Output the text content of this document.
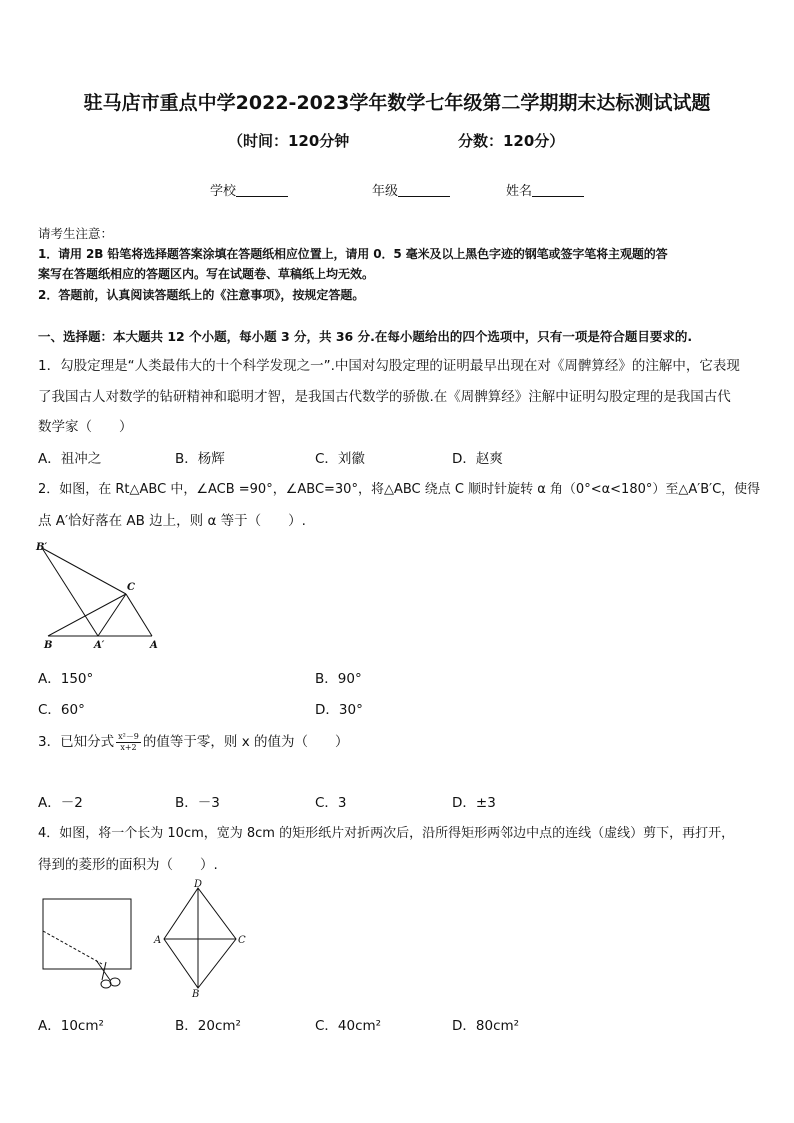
驻马店市重点中学2022-2023学年数学七年级第二学期期末达标测试试题
（时间：120分钟	分数：120分）
学校	年级	姓名
请考生注意：
1．请用 2B 铅笔将选择题答案涂填在答题纸相应位置上，请用 0．5 毫米及以上黑色字迹的钢笔或签字笔将主观题的答
案写在答题纸相应的答题区内。写在试题卷、草稿纸上均无效。
2．答题前，认真阅读答题纸上的《注意事项》，按规定答题。
一、选择题：本大题共 12 个小题，每小题 3 分，共 36 分.在每小题给出的四个选项中，只有一项是符合题目要求的.
1．勾股定理是“人类最伟大的十个科学发现之一”.中国对勾股定理的证明最早出现在对《周髀算经》的注解中，它表现
了我国古人对数学的钻研精神和聪明才智，是我国古代数学的骄傲.在《周髀算经》注解中证明勾股定理的是我国古代
数学家（　　）
A．祖冲之	B．杨辉	C．刘徽	D．赵爽
2．如图，在 Rt△ABC 中，∠ACB =90°，∠ABC=30°，将△ABC 绕点 C 顺时针旋转 α 角（0°<α<180°）至△A′B′C，使得
点 A′恰好落在 AB 边上，则 α 等于（　　）.
B′
C
B	A′	A
A．150°	B．90°
C．60°	D．30°
3．已知分式 $\frac{\text{x²－9}}{x+2}$ 的值等于零，则 x 的值为（　　）
A．－2	B．－3	C．3	D．±3
4．如图，将一个长为 10cm，宽为 8cm 的矩形纸片对折两次后，沿所得矩形两邻边中点的连线（虚线）剪下，再打开，
得到的菱形的面积为（　　）.
D
A	C
B
A．10cm²	B．20cm²	C．40cm²	D．80cm²
